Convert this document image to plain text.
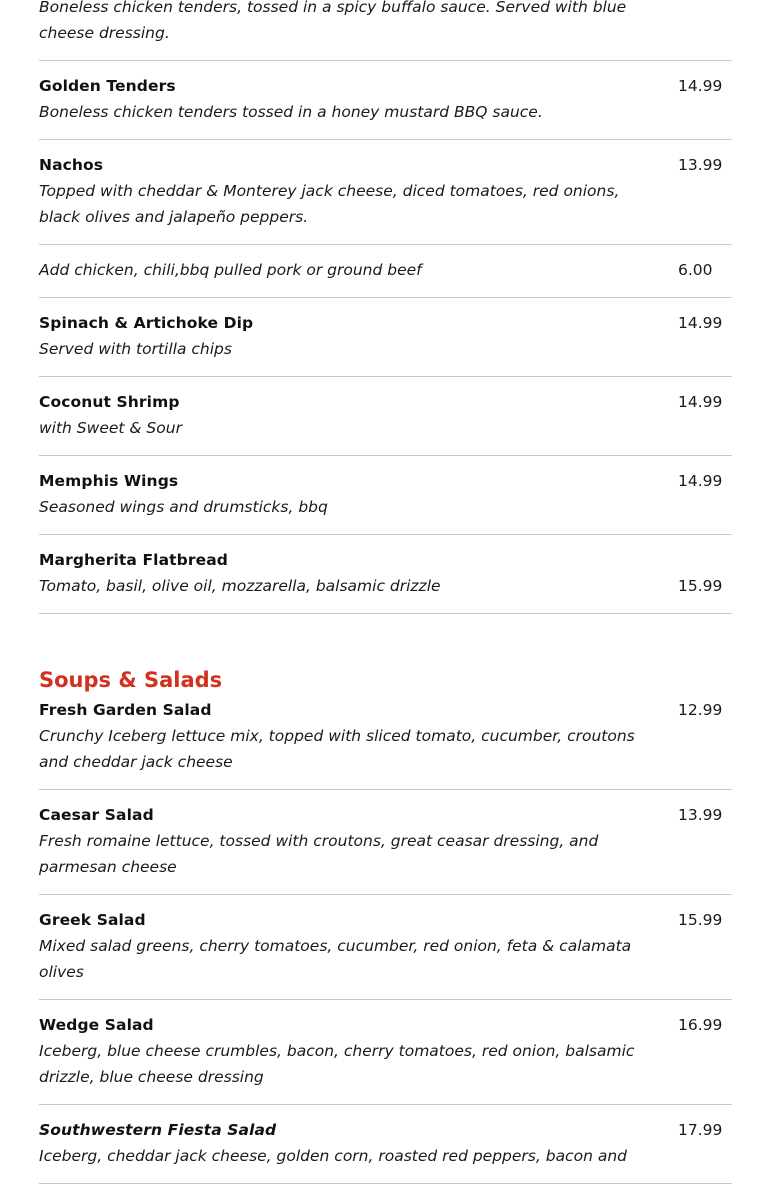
Boneless chicken tenders, tossed in a spicy buffalo sauce. Served with blue cheese dressing.
Golden Tenders
Boneless chicken tenders tossed in a honey mustard BBQ sauce.
14.99
Nachos
Topped with cheddar & Monterey jack cheese, diced tomatoes, red onions, black olives and jalapeño peppers.
13.99
Add chicken, chili,bbq pulled pork or ground beef	6.00
Spinach & Artichoke Dip
Served with tortilla chips
14.99
Coconut Shrimp
with Sweet & Sour
14.99
Memphis Wings
Seasoned wings and drumsticks, bbq
14.99
Margherita Flatbread
Tomato, basil, olive oil, mozzarella, balsamic drizzle	15.99
Soups & Salads
Fresh Garden Salad
Crunchy Iceberg lettuce mix, topped with sliced tomato, cucumber, croutons and cheddar jack cheese
12.99
Caesar Salad
Fresh romaine lettuce, tossed with croutons, great ceasar dressing, and parmesan cheese
13.99
Greek Salad
Mixed salad greens, cherry tomatoes, cucumber, red onion, feta & calamata olives
15.99
Wedge Salad
Iceberg, blue cheese crumbles, bacon, cherry tomatoes, red onion, balsamic drizzle, blue cheese dressing
16.99
Southwestern Fiesta Salad
Iceberg, cheddar jack cheese, golden corn, roasted red peppers, bacon and
17.99
